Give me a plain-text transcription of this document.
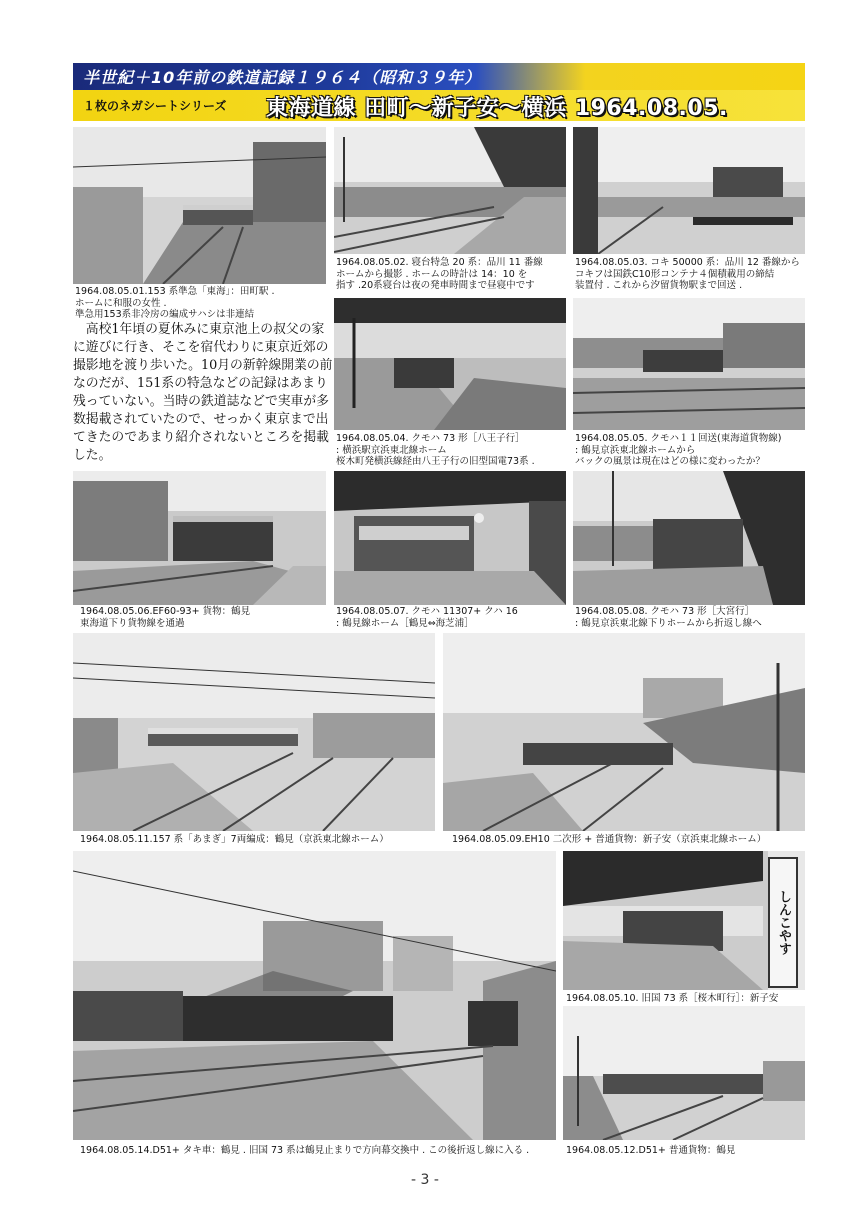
半世紀＋10年前の鉄道記録１９６４（昭和３９年）
１枚のネガシートシリーズ 東海道線 田町～新子安～横浜 1964.08.05.
1964.08.05.01.153 系準急「東海」：田町駅 .
ホームに和服の女性 .
準急用153系非冷房の編成サハシは非連結
1964.08.05.02. 寝台特急 20 系：品川 11 番線
ホームから撮影 . ホームの時計は 14：10 を
指す .20系寝台は夜の発車時間まで昼寝中です
1964.08.05.03. コキ 50000 系：品川 12 番線から
コキフは国鉄C10形コンテナ４個積載用の締結
装置付 . これから汐留貨物駅まで回送 .

高校1年頃の夏休みに東京池上の叔父の家に遊びに行き、そこを宿代わりに東京近郊の撮影地を渡り歩いた。10月の新幹線開業の前なのだが、151系の特急などの記録はあまり残っていない。当時の鉄道誌などで実車が多数掲載されていたので、せっかく東京まで出てきたのであまり紹介されないところを掲載した。

1964.08.05.04. クモハ 73 形［八王子行］
: 横浜駅京浜東北線ホーム
桜木町発横浜線経由八王子行の旧型国電73系 .
1964.08.05.05. クモハ１１回送(東海道貨物線)
: 鶴見京浜東北線ホームから
バックの風景は現在はどの様に変わったか？
1964.08.05.06.EF60-93+ 貨物：鶴見
東海道下り貨物線を通過
1964.08.05.07. クモハ 11307+ クハ 16
: 鶴見線ホーム［鶴見⇔海芝浦］
1964.08.05.08. クモハ 73 形［大宮行］
: 鶴見京浜東北線下りホームから折返し線へ
1964.08.05.11.157 系「あまぎ」7両編成：鶴見（京浜東北線ホーム）	1964.08.05.09.EH10 二次形 + 普通貨物：新子安（京浜東北線ホーム）
しんこやす
1964.08.05.10. 旧国 73 系［桜木町行］：新子安
1964.08.05.14.D51+ タキ車：鶴見 . 旧国 73 系は鶴見止まりで方向幕交換中 . この後折返し線に入る .	1964.08.05.12.D51+ 普通貨物：鶴見
- 3 -
